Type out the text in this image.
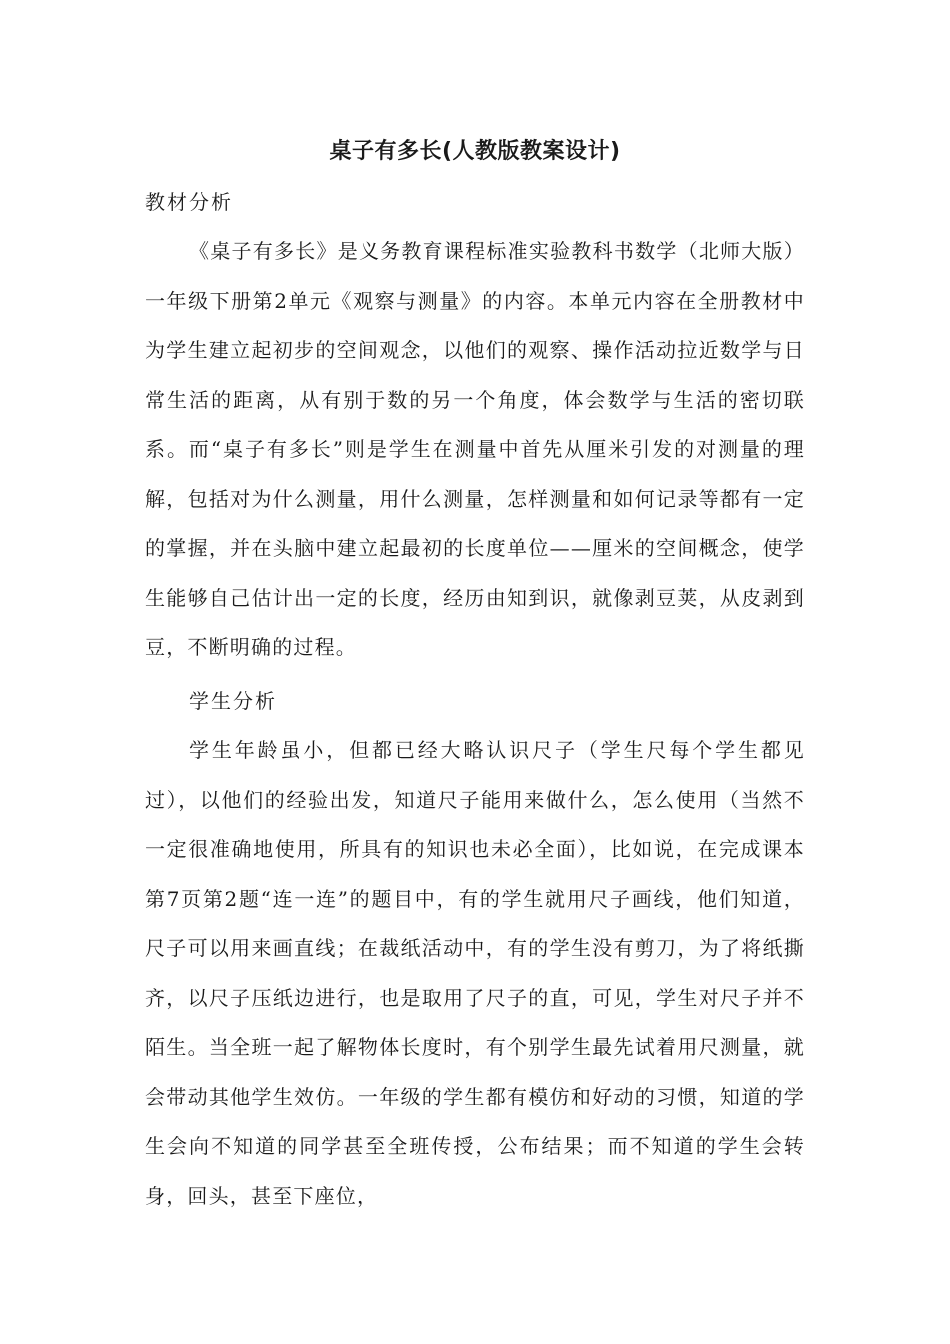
桌子有多长(人教版教案设计)
教材分析

《桌子有多长》是义务教育课程标准实验教科书数学（北师大版）一年级下册第2单元《观察与测量》的内容。本单元内容在全册教材中为学生建立起初步的空间观念，以他们的观察、操作活动拉近数学与日常生活的距离，从有别于数的另一个角度，体会数学与生活的密切联系。而“桌子有多长”则是学生在测量中首先从厘米引发的对测量的理解，包括对为什么测量，用什么测量，怎样测量和如何记录等都有一定的掌握，并在头脑中建立起最初的长度单位——厘米的空间概念，使学生能够自己估计出一定的长度，经历由知到识，就像剥豆荚，从皮剥到豆，不断明确的过程。

学生分析

学生年龄虽小，但都已经大略认识尺子（学生尺每个学生都见过），以他们的经验出发，知道尺子能用来做什么，怎么使用（当然不一定很准确地使用，所具有的知识也未必全面），比如说，在完成课本第7页第2题“连一连”的题目中，有的学生就用尺子画线，他们知道，尺子可以用来画直线；在裁纸活动中，有的学生没有剪刀，为了将纸撕齐，以尺子压纸边进行，也是取用了尺子的直，可见，学生对尺子并不陌生。当全班一起了解物体长度时，有个别学生最先试着用尺测量，就会带动其他学生效仿。一年级的学生都有模仿和好动的习惯，知道的学生会向不知道的同学甚至全班传授，公布结果；而不知道的学生会转身，回头，甚至下座位，
